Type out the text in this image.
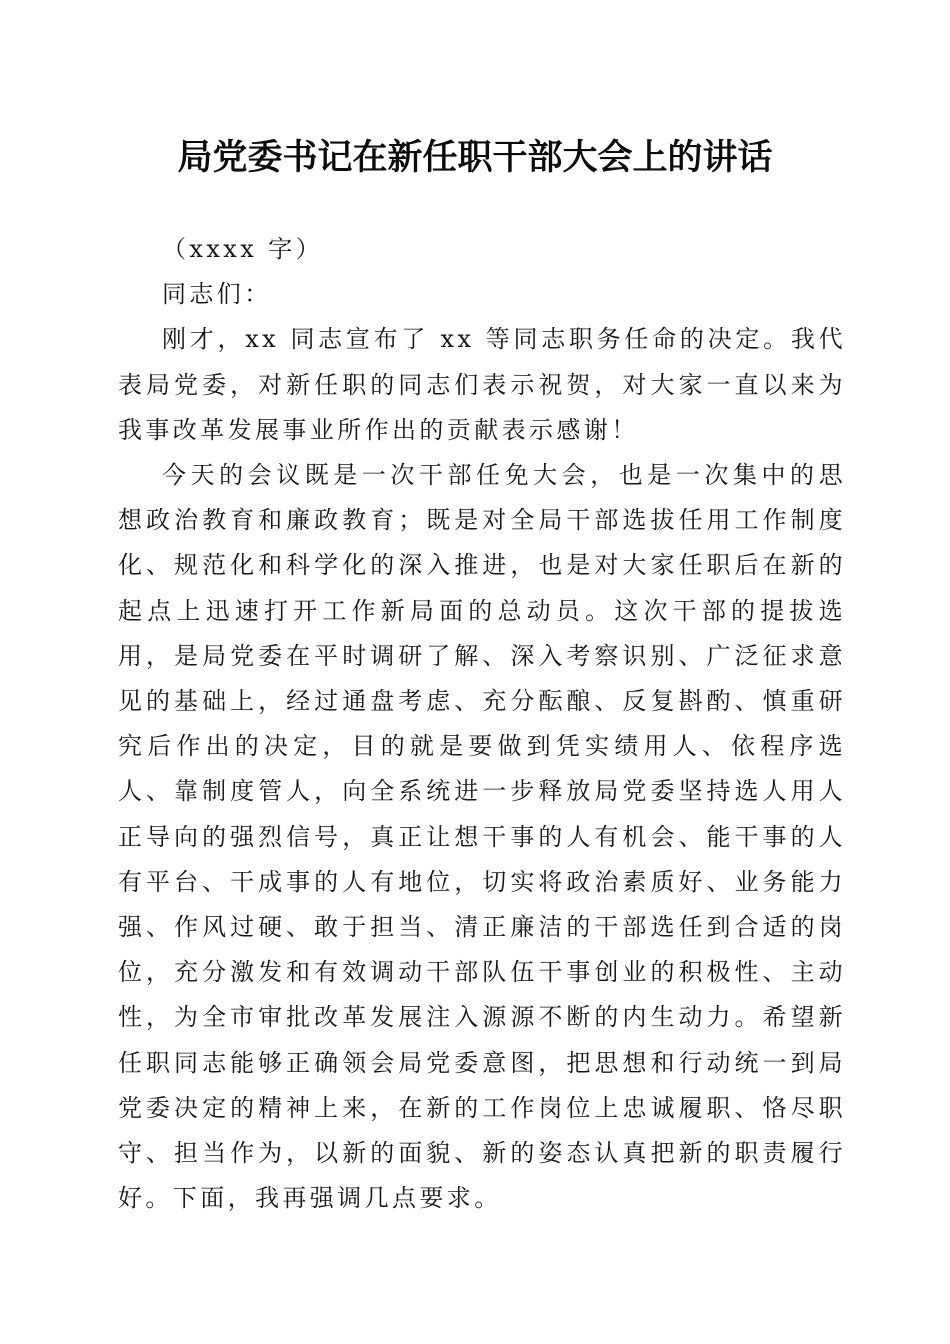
局党委书记在新任职干部大会上的讲话

（xxxx 字）

同志们：

刚才，xx 同志宣布了 xx 等同志职务任命的决定。我代表局党委，对新任职的同志们表示祝贺，对大家一直以来为我事改革发展事业所作出的贡献表示感谢！

今天的会议既是一次干部任免大会，也是一次集中的思想政治教育和廉政教育；既是对全局干部选拔任用工作制度化、规范化和科学化的深入推进，也是对大家任职后在新的起点上迅速打开工作新局面的总动员。这次干部的提拔选用，是局党委在平时调研了解、深入考察识别、广泛征求意见的基础上，经过通盘考虑、充分酝酿、反复斟酌、慎重研究后作出的决定，目的就是要做到凭实绩用人、依程序选人、靠制度管人，向全系统进一步释放局党委坚持选人用人正导向的强烈信号，真正让想干事的人有机会、能干事的人有平台、干成事的人有地位，切实将政治素质好、业务能力强、作风过硬、敢于担当、清正廉洁的干部选任到合适的岗位，充分激发和有效调动干部队伍干事创业的积极性、主动性，为全市审批改革发展注入源源不断的内生动力。希望新任职同志能够正确领会局党委意图，把思想和行动统一到局党委决定的精神上来，在新的工作岗位上忠诚履职、恪尽职守、担当作为，以新的面貌、新的姿态认真把新的职责履行好。下面，我再强调几点要求。
